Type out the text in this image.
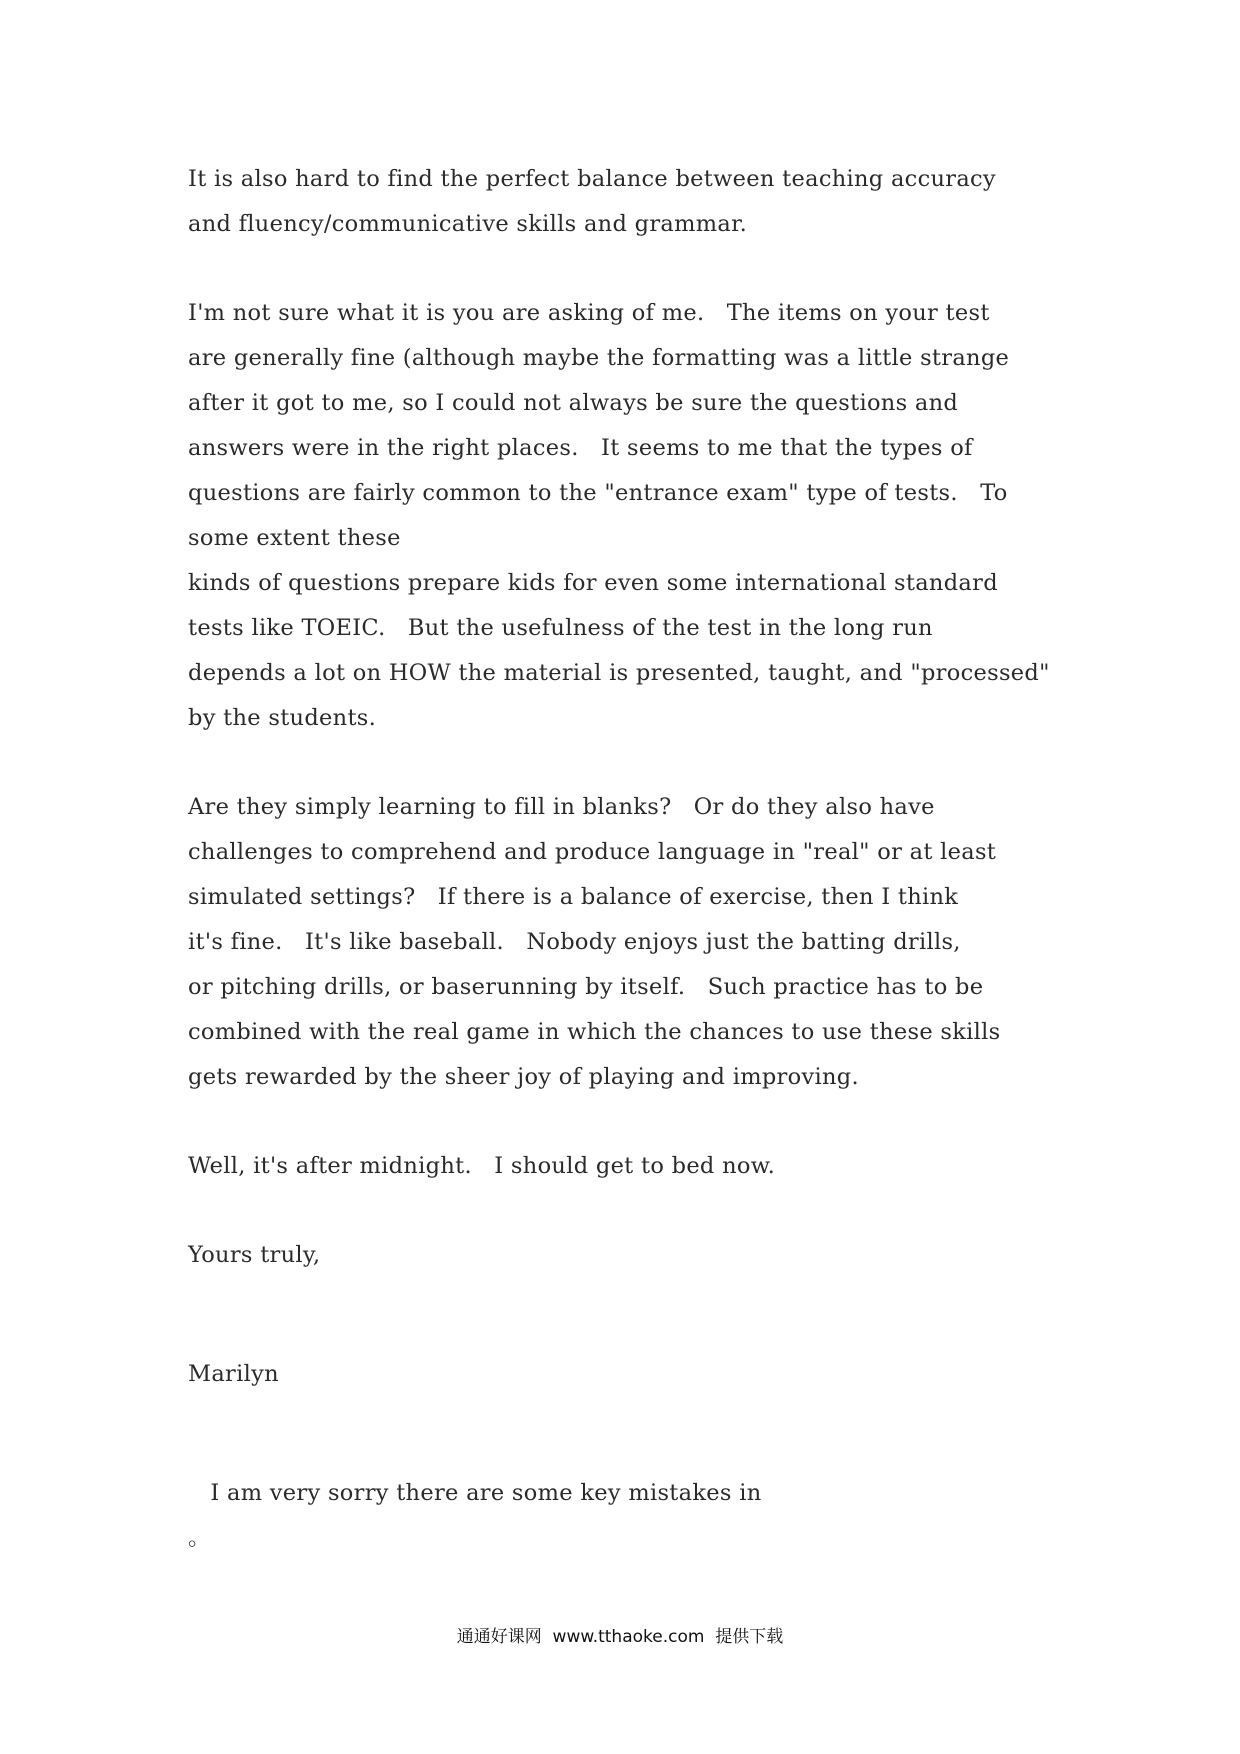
It is also hard to find the perfect balance between teaching accuracy
and fluency/communicative skills and grammar.
I'm not sure what it is you are asking of me.   The items on your test
are generally fine (although maybe the formatting was a little strange
after it got to me, so I could not always be sure the questions and
answers were in the right places.   It seems to me that the types of
questions are fairly common to the "entrance exam" type of tests.   To
some extent these
kinds of questions prepare kids for even some international standard
tests like TOEIC.   But the usefulness of the test in the long run
depends a lot on HOW the material is presented, taught, and "processed"
by the students.
Are they simply learning to fill in blanks?   Or do they also have
challenges to comprehend and produce language in "real" or at least
simulated settings?   If there is a balance of exercise, then I think
it's fine.   It's like baseball.   Nobody enjoys just the batting drills,
or pitching drills, or baserunning by itself.   Such practice has to be
combined with the real game in which the chances to use these skills
gets rewarded by the sheer joy of playing and improving.
Well, it's after midnight.   I should get to bed now.
Yours truly,
Marilyn
I am very sorry there are some key mistakes in
。
通通好课网  www.tthaoke.com  提供下载
